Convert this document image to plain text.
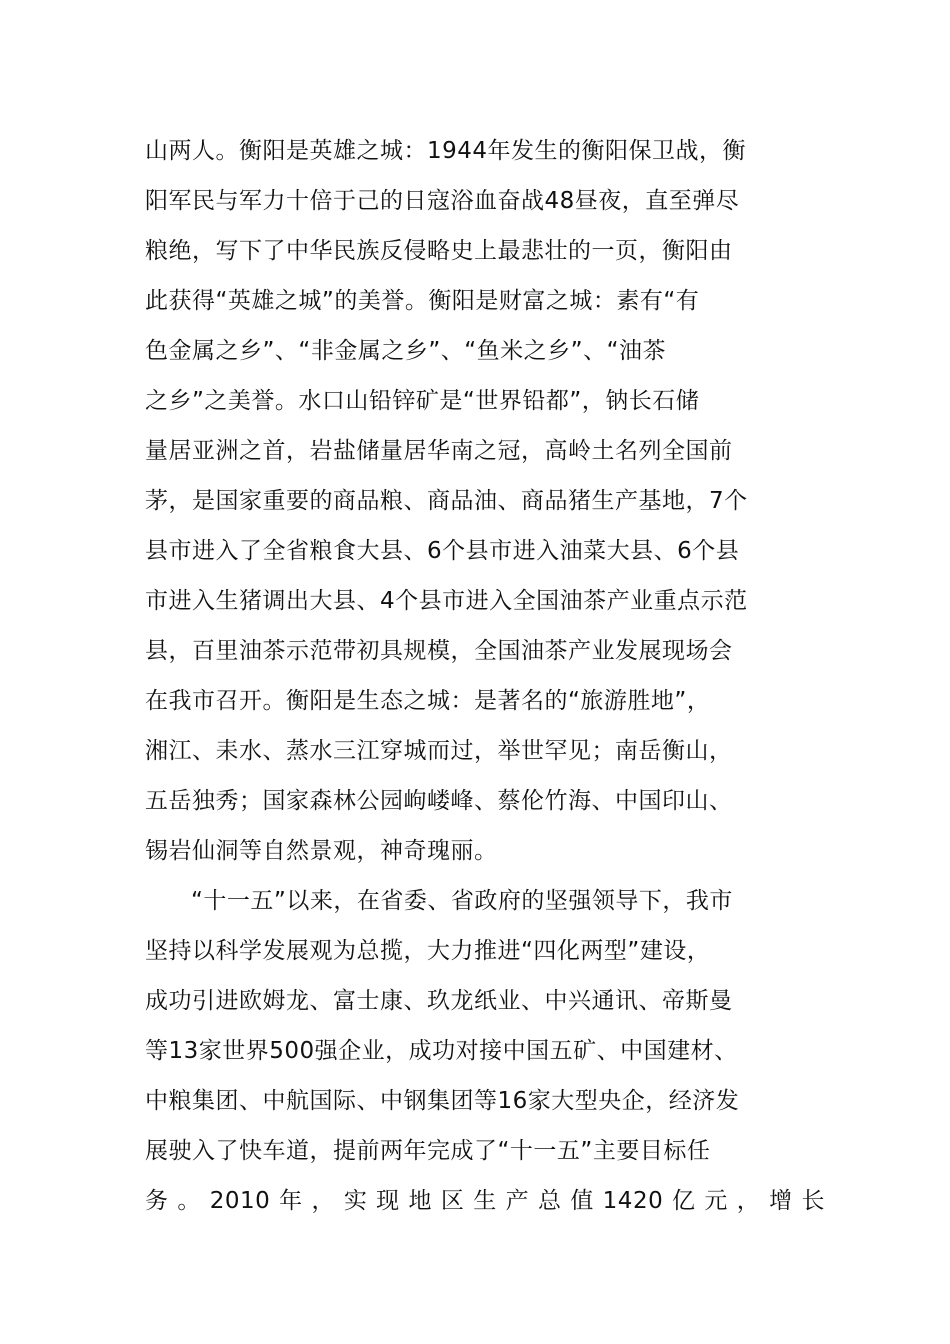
山两人。衡阳是英雄之城：1944年发生的衡阳保卫战，衡
阳军民与军力十倍于己的日寇浴血奋战48昼夜，直至弹尽
粮绝，写下了中华民族反侵略史上最悲壮的一页，衡阳由
此获得“英雄之城”的美誉。衡阳是财富之城：素有“有
色金属之乡”、“非金属之乡”、“鱼米之乡”、“油茶
之乡”之美誉。水口山铅锌矿是“世界铅都”，钠长石储
量居亚洲之首，岩盐储量居华南之冠，高岭土名列全国前
茅，是国家重要的商品粮、商品油、商品猪生产基地，7个
县市进入了全省粮食大县、6个县市进入油菜大县、6个县
市进入生猪调出大县、4个县市进入全国油茶产业重点示范
县，百里油茶示范带初具规模，全国油茶产业发展现场会
在我市召开。衡阳是生态之城：是著名的“旅游胜地”，
湘江、耒水、蒸水三江穿城而过，举世罕见；南岳衡山，
五岳独秀；国家森林公园岣嵝峰、蔡伦竹海、中国印山、
锡岩仙洞等自然景观，神奇瑰丽。
“十一五”以来，在省委、省政府的坚强领导下，我市
坚持以科学发展观为总揽，大力推进“四化两型”建设，
成功引进欧姆龙、富士康、玖龙纸业、中兴通讯、帝斯曼
等13家世界500强企业，成功对接中国五矿、中国建材、
中粮集团、中航国际、中钢集团等16家大型央企，经济发
展驶入了快车道，提前两年完成了“十一五”主要目标任
务。2010年，实现地区生产总值1420亿元，增长
